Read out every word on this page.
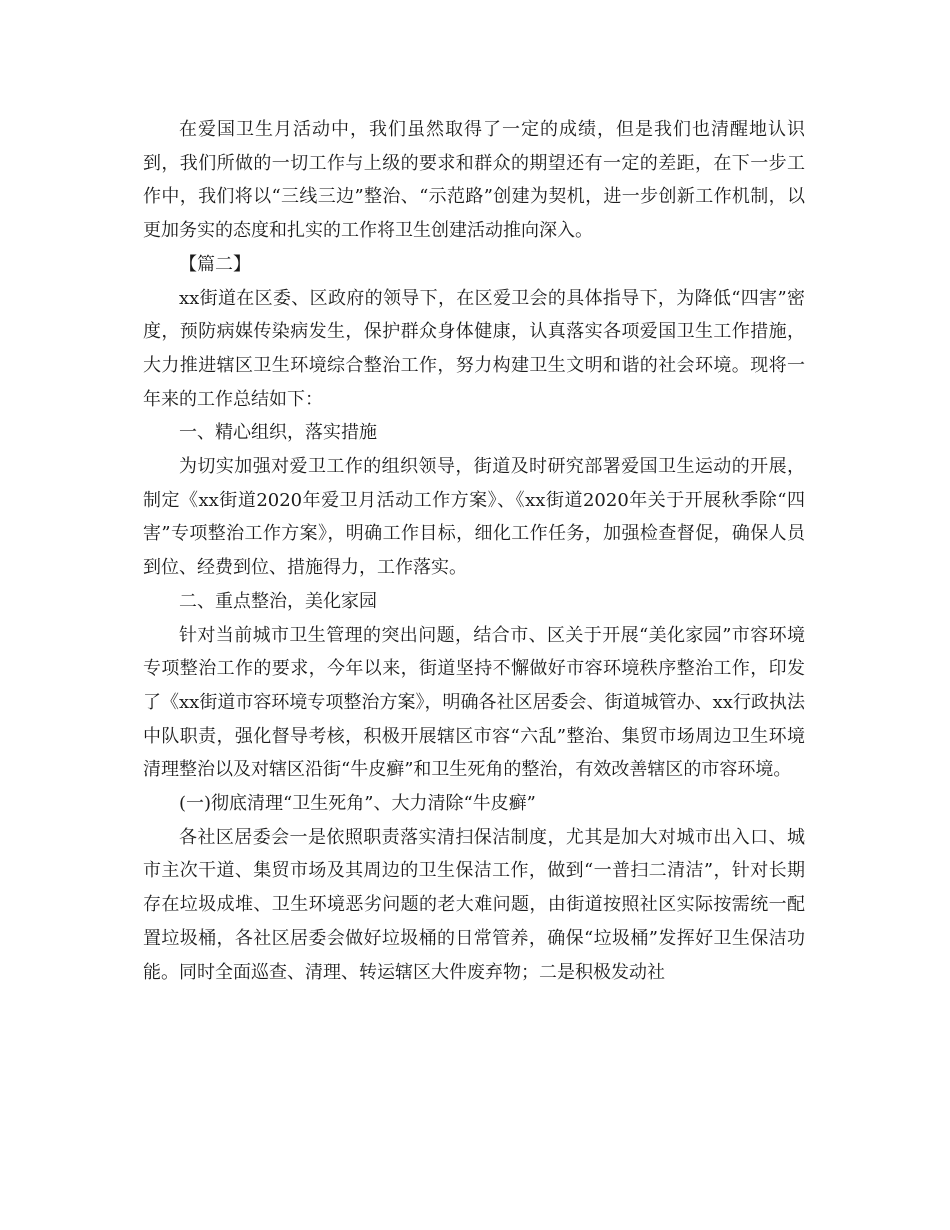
在爱国卫生月活动中，我们虽然取得了一定的成绩，但是我们也清醒地认识到，我们所做的一切工作与上级的要求和群众的期望还有一定的差距，在下一步工作中，我们将以“三线三边”整治、“示范路”创建为契机，进一步创新工作机制，以更加务实的态度和扎实的工作将卫生创建活动推向深入。

【篇二】

xx街道在区委、区政府的领导下，在区爱卫会的具体指导下，为降低“四害”密度，预防病媒传染病发生，保护群众身体健康，认真落实各项爱国卫生工作措施，大力推进辖区卫生环境综合整治工作，努力构建卫生文明和谐的社会环境。现将一年来的工作总结如下：

一、精心组织，落实措施

为切实加强对爱卫工作的组织领导，街道及时研究部署爱国卫生运动的开展，制定《xx街道2020年爱卫月活动工作方案》、《xx街道2020年关于开展秋季除“四害”专项整治工作方案》，明确工作目标，细化工作任务，加强检查督促，确保人员到位、经费到位、措施得力，工作落实。

二、重点整治，美化家园

针对当前城市卫生管理的突出问题，结合市、区关于开展“美化家园”市容环境专项整治工作的要求，今年以来，街道坚持不懈做好市容环境秩序整治工作，印发了《xx街道市容环境专项整治方案》，明确各社区居委会、街道城管办、xx行政执法中队职责，强化督导考核，积极开展辖区市容“六乱”整治、集贸市场周边卫生环境清理整治以及对辖区沿街“牛皮癣”和卫生死角的整治，有效改善辖区的市容环境。

(一)彻底清理“卫生死角”、大力清除“牛皮癣”

各社区居委会一是依照职责落实清扫保洁制度，尤其是加大对城市出入口、城市主次干道、集贸市场及其周边的卫生保洁工作，做到“一普扫二清洁”，针对长期存在垃圾成堆、卫生环境恶劣问题的老大难问题，由街道按照社区实际按需统一配置垃圾桶，各社区居委会做好垃圾桶的日常管养，确保“垃圾桶”发挥好卫生保洁功能。同时全面巡查、清理、转运辖区大件废弃物；二是积极发动社
